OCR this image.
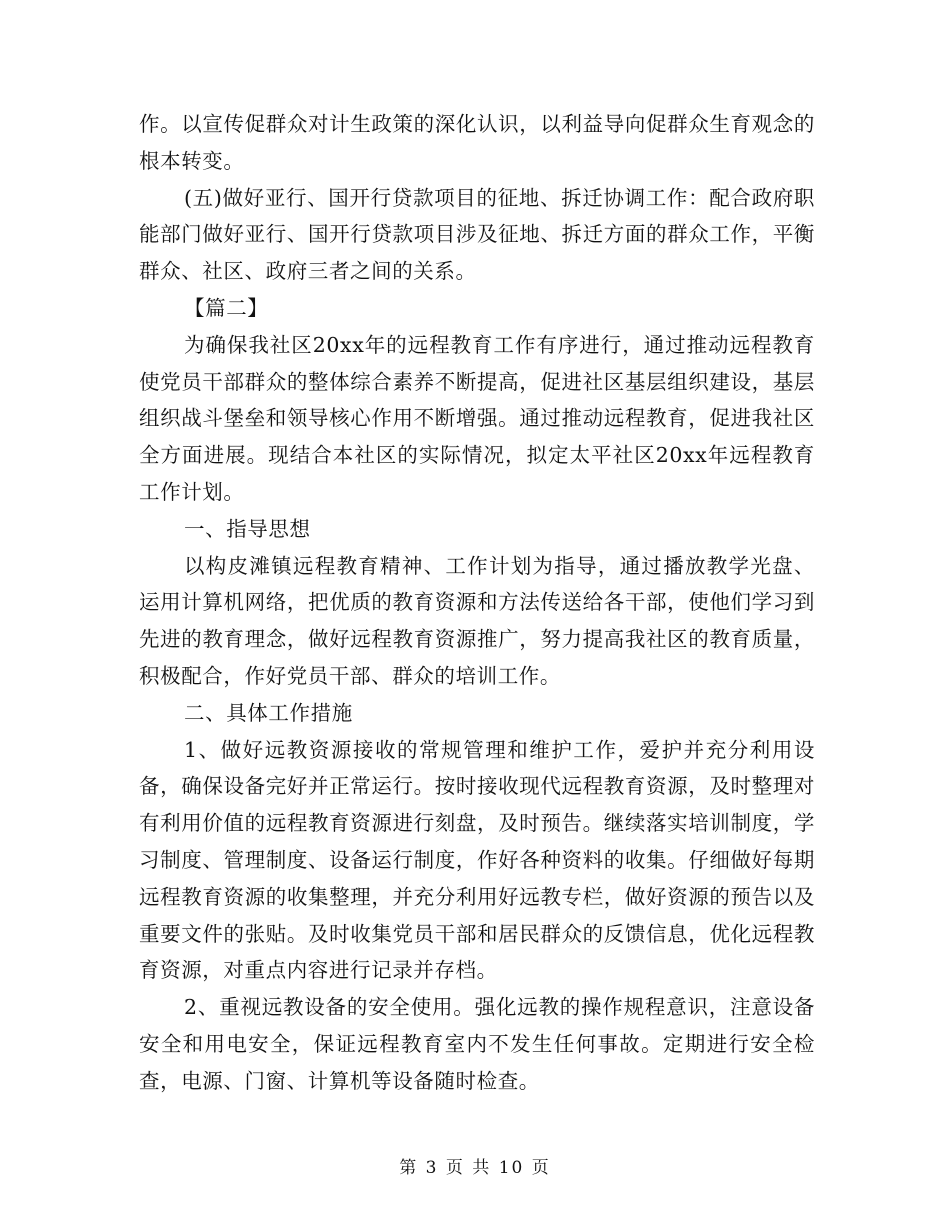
作。以宣传促群众对计生政策的深化认识，以利益导向促群众生育观念的根本转变。

(五)做好亚行、国开行贷款项目的征地、拆迁协调工作：配合政府职能部门做好亚行、国开行贷款项目涉及征地、拆迁方面的群众工作，平衡群众、社区、政府三者之间的关系。

【篇二】

为确保我社区20xx年的远程教育工作有序进行，通过推动远程教育使党员干部群众的整体综合素养不断提高，促进社区基层组织建设，基层组织战斗堡垒和领导核心作用不断增强。通过推动远程教育，促进我社区全方面进展。现结合本社区的实际情况，拟定太平社区20xx年远程教育工作计划。

一、指导思想

以构皮滩镇远程教育精神、工作计划为指导，通过播放教学光盘、运用计算机网络，把优质的教育资源和方法传送给各干部，使他们学习到先进的教育理念，做好远程教育资源推广，努力提高我社区的教育质量，积极配合，作好党员干部、群众的培训工作。

二、具体工作措施

1、做好远教资源接收的常规管理和维护工作，爱护并充分利用设备，确保设备完好并正常运行。按时接收现代远程教育资源，及时整理对有利用价值的远程教育资源进行刻盘，及时预告。继续落实培训制度，学习制度、管理制度、设备运行制度，作好各种资料的收集。仔细做好每期远程教育资源的收集整理，并充分利用好远教专栏，做好资源的预告以及重要文件的张贴。及时收集党员干部和居民群众的反馈信息，优化远程教育资源，对重点内容进行记录并存档。

2、重视远教设备的安全使用。强化远教的操作规程意识，注意设备安全和用电安全，保证远程教育室内不发生任何事故。定期进行安全检查，电源、门窗、计算机等设备随时检查。

第 3 页 共 10 页
